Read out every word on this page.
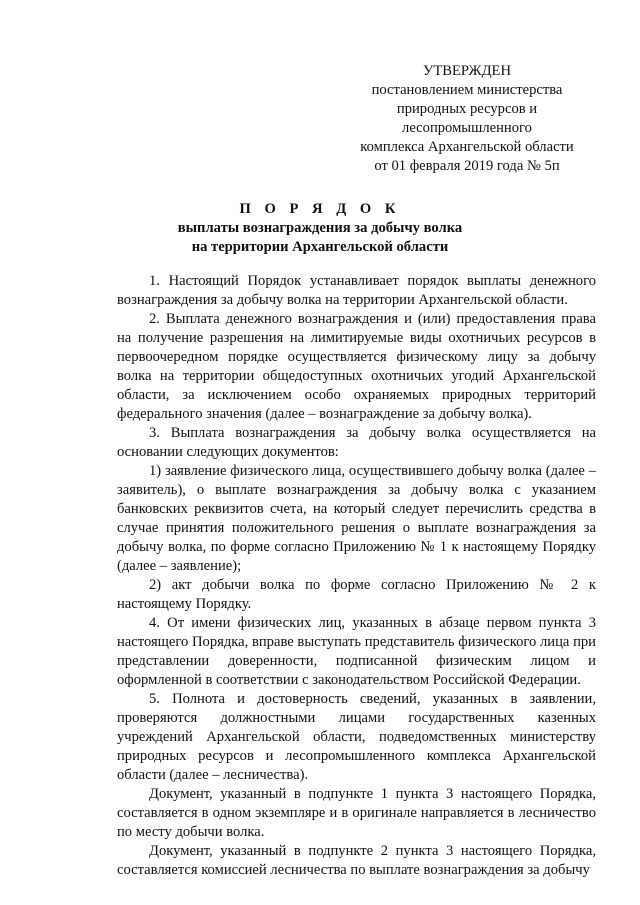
УТВЕРЖДЕН
постановлением министерства
природных ресурсов и
лесопромышленного
комплекса Архангельской области
от 01 февраля 2019 года № 5п
П О Р Я Д О К
выплаты вознаграждения за добычу волка
на территории Архангельской области

1. Настоящий Порядок устанавливает порядок выплаты денежного вознаграждения за добычу волка на территории Архангельской области.

2. Выплата денежного вознаграждения и (или) предоставления права на получение разрешения на лимитируемые виды охотничьих ресурсов в первоочередном порядке осуществляется физическому лицу за добычу волка на территории общедоступных охотничьих угодий Архангельской области, за исключением особо охраняемых природных территорий федерального значения (далее – вознаграждение за добычу волка).

3. Выплата вознаграждения за добычу волка осуществляется на основании следующих документов:

1) заявление физического лица, осуществившего добычу волка (далее – заявитель), о выплате вознаграждения за добычу волка с указанием банковских реквизитов счета, на который следует перечислить средства в случае принятия положительного решения о выплате вознаграждения за добычу волка, по форме согласно Приложению № 1 к настоящему Порядку (далее – заявление);

2) акт добычи волка по форме согласно Приложению № 2 к настоящему Порядку.

4. От имени физических лиц, указанных в абзаце первом пункта 3 настоящего Порядка, вправе выступать представитель физического лица при представлении доверенности, подписанной физическим лицом и оформленной в соответствии с законодательством Российской Федерации.

5. Полнота и достоверность сведений, указанных в заявлении, проверяются должностными лицами государственных казенных учреждений Архангельской области, подведомственных министерству природных ресурсов и лесопромышленного комплекса Архангельской области (далее – лесничества).

Документ, указанный в подпункте 1 пункта 3 настоящего Порядка, составляется в одном экземпляре и в оригинале направляется в лесничество по месту добычи волка.

Документ, указанный в подпункте 2 пункта 3 настоящего Порядка, составляется комиссией лесничества по выплате вознаграждения за добычу
